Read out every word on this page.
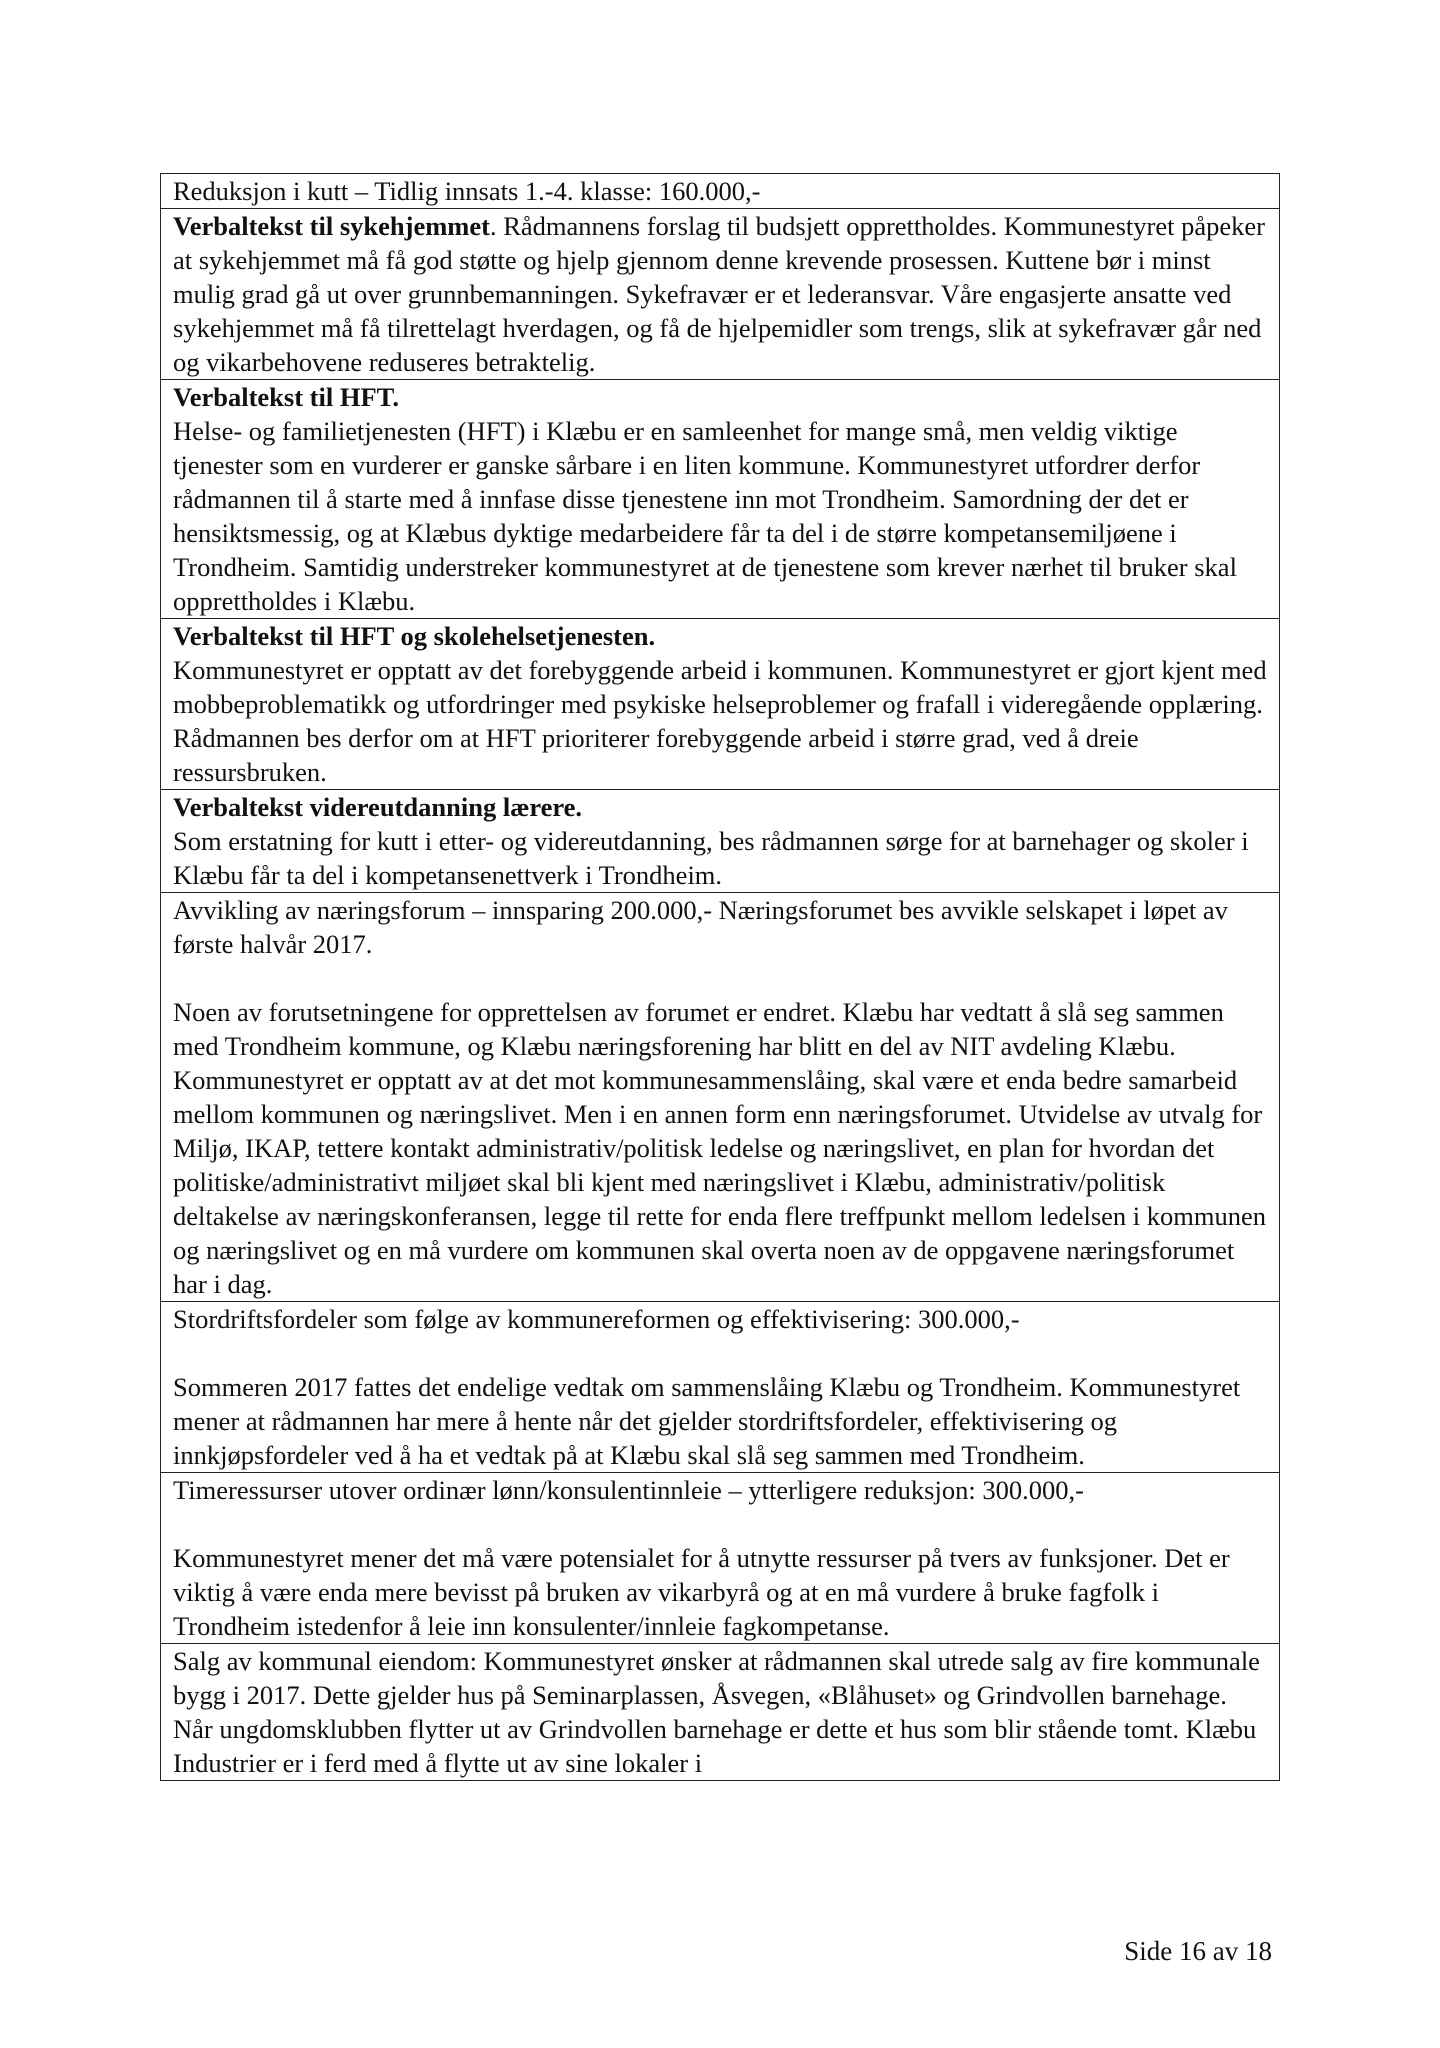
Reduksjon i kutt – Tidlig innsats 1.-4. klasse: 160.000,-

Verbaltekst til sykehjemmet. Rådmannens forslag til budsjett opprettholdes. Kommunestyret påpeker at sykehjemmet må få god støtte og hjelp gjennom denne krevende prosessen. Kuttene bør i minst mulig grad gå ut over grunnbemanningen. Sykefravær er et lederansvar. Våre engasjerte ansatte ved sykehjemmet må få tilrettelagt hverdagen, og få de hjelpemidler som trengs, slik at sykefravær går ned og vikarbehovene reduseres betraktelig.

Verbaltekst til HFT.

Helse- og familietjenesten (HFT) i Klæbu er en samleenhet for mange små, men veldig viktige tjenester som en vurderer er ganske sårbare i en liten kommune. Kommunestyret utfordrer derfor rådmannen til å starte med å innfase disse tjenestene inn mot Trondheim. Samordning der det er hensiktsmessig, og at Klæbus dyktige medarbeidere får ta del i de større kompetansemiljøene i Trondheim. Samtidig understreker kommunestyret at de tjenestene som krever nærhet til bruker skal opprettholdes i Klæbu.

Verbaltekst til HFT og skolehelsetjenesten.

Kommunestyret er opptatt av det forebyggende arbeid i kommunen. Kommunestyret er gjort kjent med mobbeproblematikk og utfordringer med psykiske helseproblemer og frafall i videregående opplæring. Rådmannen bes derfor om at HFT prioriterer forebyggende arbeid i større grad, ved å dreie ressursbruken.

Verbaltekst videreutdanning lærere.

Som erstatning for kutt i etter- og videreutdanning, bes rådmannen sørge for at barnehager og skoler i Klæbu får ta del i kompetansenettverk i Trondheim.

Avvikling av næringsforum – innsparing 200.000,- Næringsforumet bes avvikle selskapet i løpet av første halvår 2017.

Noen av forutsetningene for opprettelsen av forumet er endret. Klæbu har vedtatt å slå seg sammen med Trondheim kommune, og Klæbu næringsforening har blitt en del av NIT avdeling Klæbu. Kommunestyret er opptatt av at det mot kommunesammenslåing, skal være et enda bedre samarbeid mellom kommunen og næringslivet. Men i en annen form enn næringsforumet. Utvidelse av utvalg for Miljø, IKAP, tettere kontakt administrativ/politisk ledelse og næringslivet, en plan for hvordan det politiske/administrativt miljøet skal bli kjent med næringslivet i Klæbu, administrativ/politisk deltakelse av næringskonferansen, legge til rette for enda flere treffpunkt mellom ledelsen i kommunen og næringslivet og en må vurdere om kommunen skal overta noen av de oppgavene næringsforumet har i dag.

Stordriftsfordeler som følge av kommunereformen og effektivisering: 300.000,-

Sommeren 2017 fattes det endelige vedtak om sammenslåing Klæbu og Trondheim. Kommunestyret mener at rådmannen har mere å hente når det gjelder stordriftsfordeler, effektivisering og innkjøpsfordeler ved å ha et vedtak på at Klæbu skal slå seg sammen med Trondheim.

Timeressurser utover ordinær lønn/konsulentinnleie – ytterligere reduksjon: 300.000,-

Kommunestyret mener det må være potensialet for å utnytte ressurser på tvers av funksjoner. Det er viktig å være enda mere bevisst på bruken av vikarbyrå og at en må vurdere å bruke fagfolk i Trondheim istedenfor å leie inn konsulenter/innleie fagkompetanse.

Salg av kommunal eiendom: Kommunestyret ønsker at rådmannen skal utrede salg av fire kommunale bygg i 2017. Dette gjelder hus på Seminarplassen, Åsvegen, «Blåhuset» og Grindvollen barnehage. Når ungdomsklubben flytter ut av Grindvollen barnehage er dette et hus som blir stående tomt. Klæbu Industrier er i ferd med å flytte ut av sine lokaler i

Side 16 av 18
